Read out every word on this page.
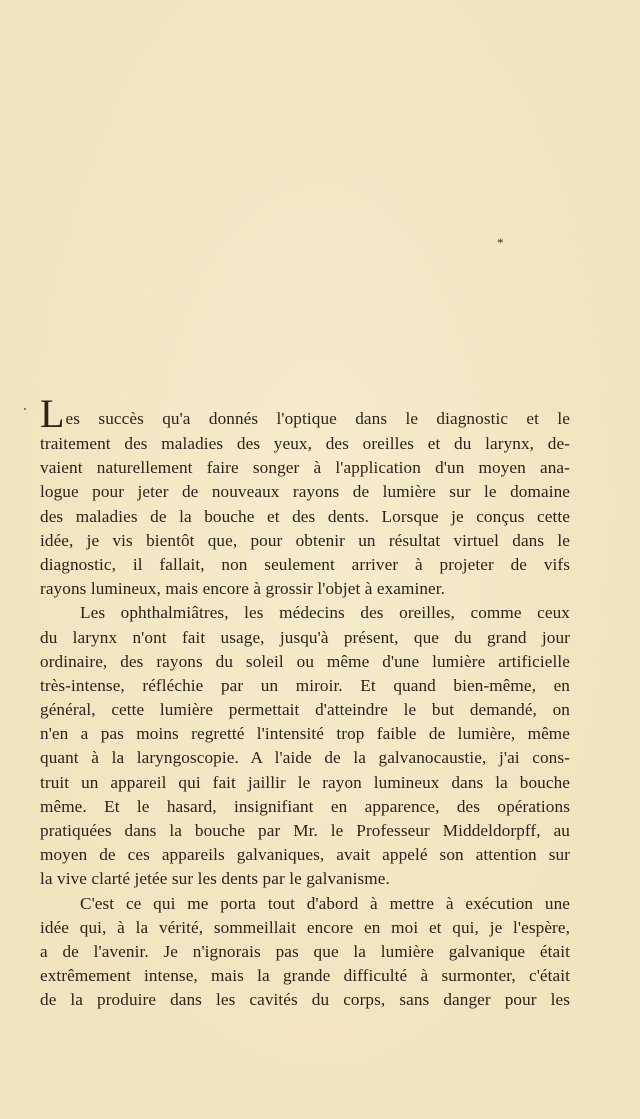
*
Les succès qu'a donnés l'optique dans le diagnostic et le
traitement des maladies des yeux, des oreilles et du larynx, de-
vaient naturellement faire songer à l'application d'un moyen ana-
logue pour jeter de nouveaux rayons de lumière sur le domaine
des maladies de la bouche et des dents. Lorsque je conçus cette
idée, je vis bientôt que, pour obtenir un résultat virtuel dans le
diagnostic, il fallait, non seulement arriver à projeter de vifs
rayons lumineux, mais encore à grossir l'objet à examiner.
Les ophthalmiâtres, les médecins des oreilles, comme ceux
du larynx n'ont fait usage, jusqu'à présent, que du grand jour
ordinaire, des rayons du soleil ou même d'une lumière artificielle
très-intense, réfléchie par un miroir. Et quand bien-même, en
général, cette lumière permettait d'atteindre le but demandé, on
n'en a pas moins regretté l'intensité trop faible de lumière, même
quant à la laryngoscopie. A l'aide de la galvanocaustie, j'ai cons-
truit un appareil qui fait jaillir le rayon lumineux dans la bouche
même. Et le hasard, insignifiant en apparence, des opérations
pratiquées dans la bouche par Mr. le Professeur Middeldorpff, au
moyen de ces appareils galvaniques, avait appelé son attention sur
la vive clarté jetée sur les dents par le galvanisme.
C'est ce qui me porta tout d'abord à mettre à exécution une
idée qui, à la vérité, sommeillait encore en moi et qui, je l'espère,
a de l'avenir. Je n'ignorais pas que la lumière galvanique était
extrêmement intense, mais la grande difficulté à surmonter, c'était
de la produire dans les cavités du corps, sans danger pour les
